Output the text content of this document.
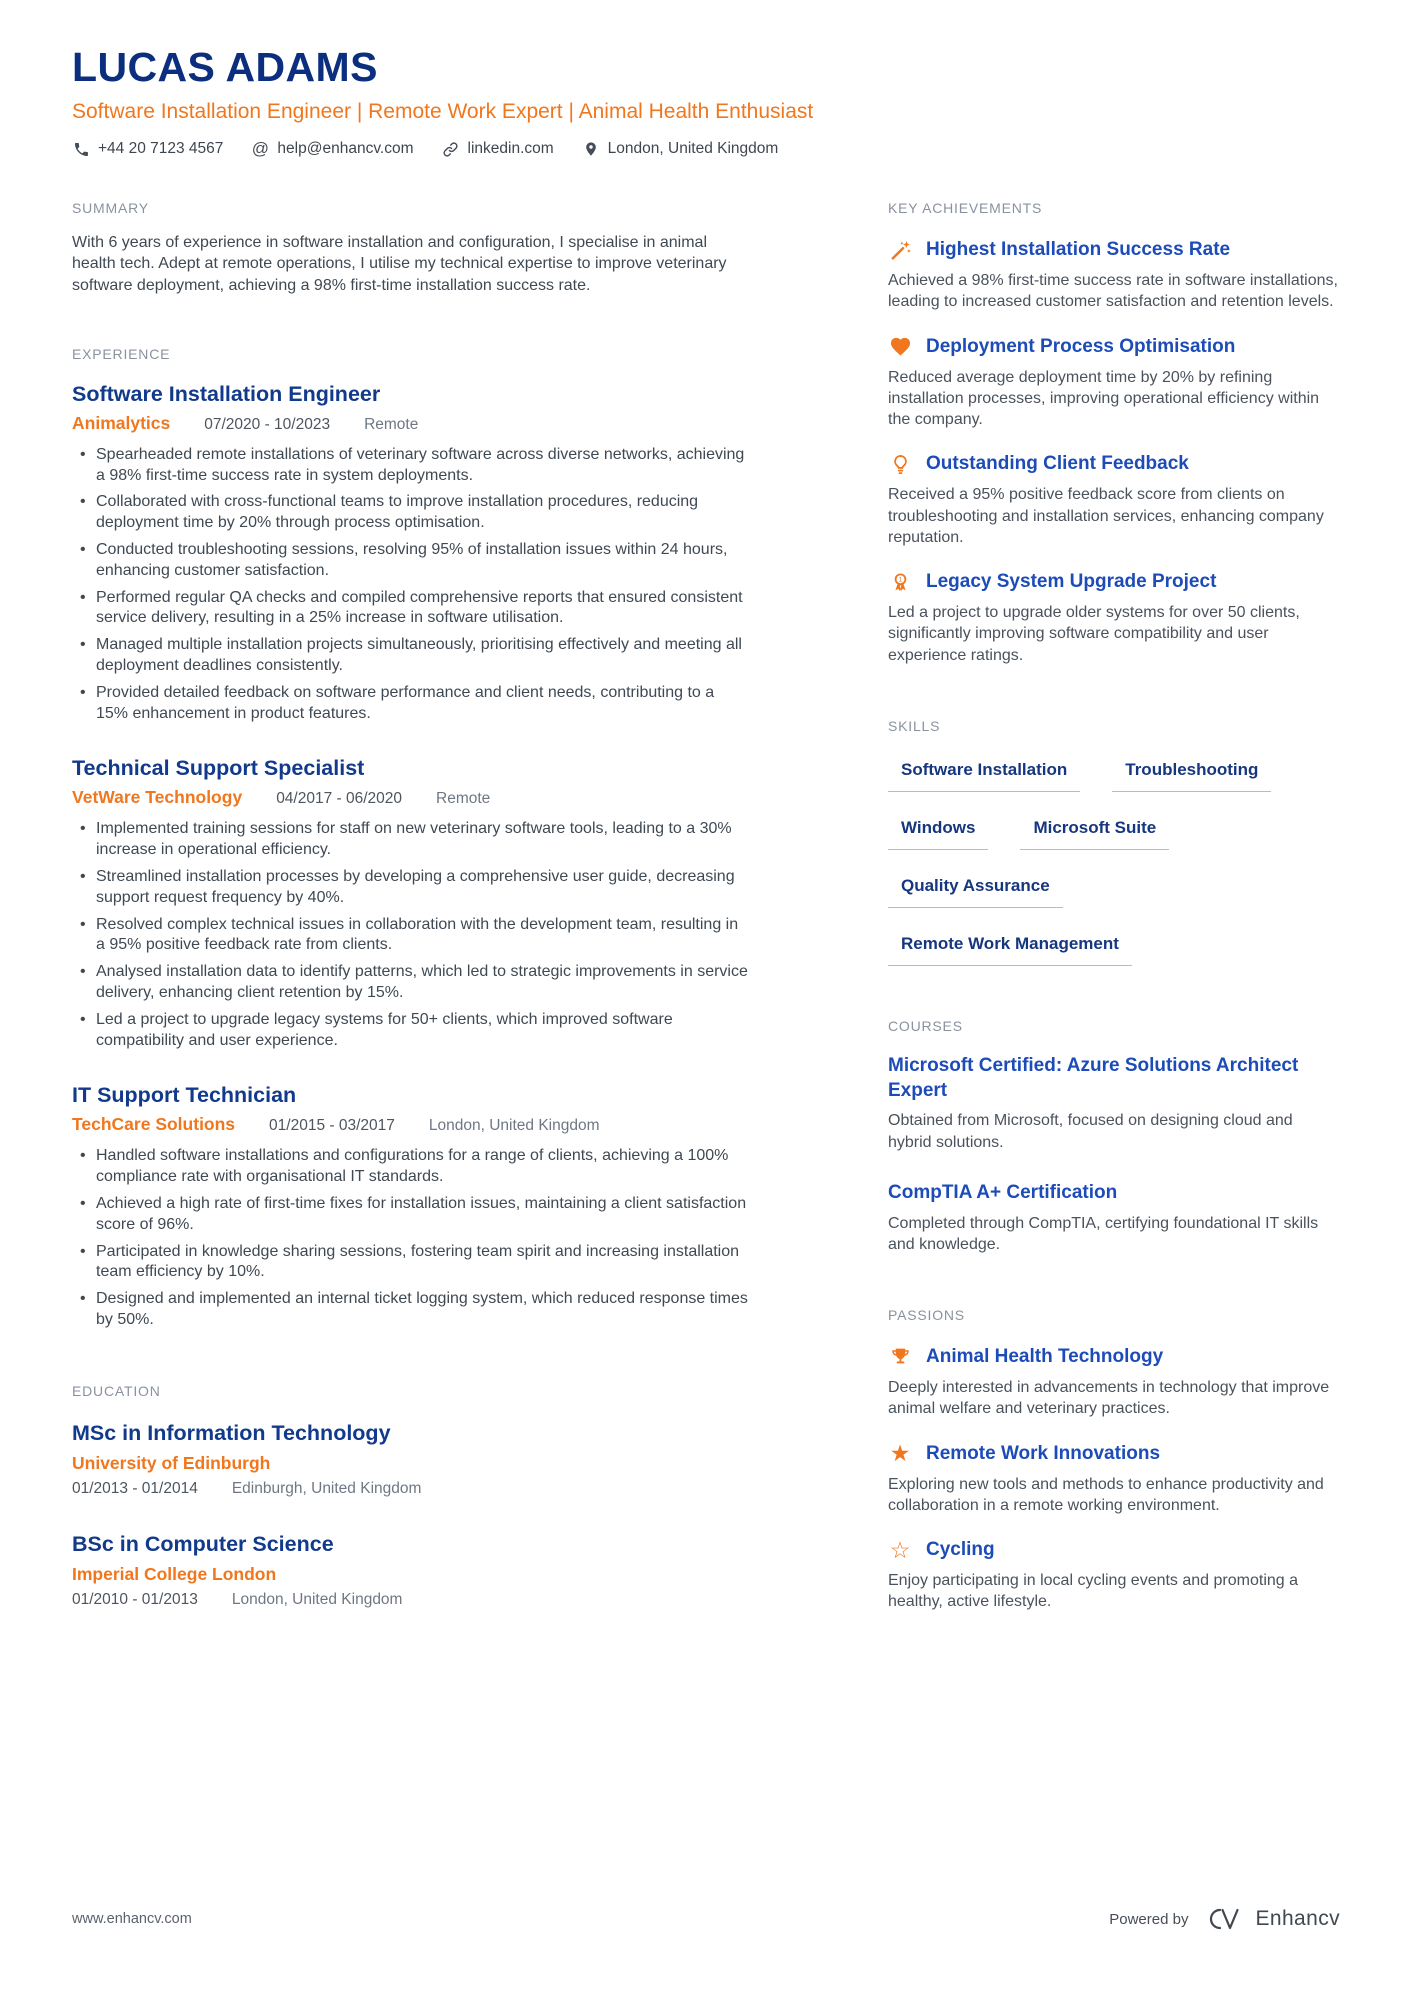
LUCAS ADAMS
Software Installation Engineer | Remote Work Expert | Animal Health Enthusiast
+44 20 7123 4567 @ help@enhancv.com	linkedin.com	London, United Kingdom
SUMMARY
With 6 years of experience in software installation and configuration, I specialise in animal health tech. Adept at remote operations, I utilise my technical expertise to improve veterinary software deployment, achieving a 98% first-time installation success rate.
EXPERIENCE
Software Installation Engineer
Animalytics 07/2020 - 10/2023 Remote
• Spearheaded remote installations of veterinary software across diverse networks, achieving a 98% first-time success rate in system deployments.
• Collaborated with cross-functional teams to improve installation procedures, reducing deployment time by 20% through process optimisation.
• Conducted troubleshooting sessions, resolving 95% of installation issues within 24 hours, enhancing customer satisfaction.
• Performed regular QA checks and compiled comprehensive reports that ensured consistent service delivery, resulting in a 25% increase in software utilisation.
• Managed multiple installation projects simultaneously, prioritising effectively and meeting all deployment deadlines consistently.
• Provided detailed feedback on software performance and client needs, contributing to a 15% enhancement in product features.
Technical Support Specialist
VetWare Technology 04/2017 - 06/2020 Remote
• Implemented training sessions for staff on new veterinary software tools, leading to a 30% increase in operational efficiency.
• Streamlined installation processes by developing a comprehensive user guide, decreasing support request frequency by 40%.
• Resolved complex technical issues in collaboration with the development team, resulting in a 95% positive feedback rate from clients.
• Analysed installation data to identify patterns, which led to strategic improvements in service delivery, enhancing client retention by 15%.
• Led a project to upgrade legacy systems for 50+ clients, which improved software compatibility and user experience.
IT Support Technician
TechCare Solutions 01/2015 - 03/2017 London, United Kingdom
• Handled software installations and configurations for a range of clients, achieving a 100% compliance rate with organisational IT standards.
• Achieved a high rate of first-time fixes for installation issues, maintaining a client satisfaction score of 96%.
• Participated in knowledge sharing sessions, fostering team spirit and increasing installation team efficiency by 10%.
• Designed and implemented an internal ticket logging system, which reduced response times by 50%.
EDUCATION
MSc in Information Technology
University of Edinburgh
01/2013 - 01/2014 Edinburgh, United Kingdom
BSc in Computer Science
Imperial College London
01/2010 - 01/2013 London, United Kingdom
KEY ACHIEVEMENTS
Highest Installation Success Rate
Achieved a 98% first-time success rate in software installations, leading to increased customer satisfaction and retention levels.
Deployment Process Optimisation
Reduced average deployment time by 20% by refining installation processes, improving operational efficiency within the company.
Outstanding Client Feedback
Received a 95% positive feedback score from clients on troubleshooting and installation services, enhancing company reputation.
1 Legacy System Upgrade Project
Led a project to upgrade older systems for over 50 clients, significantly improving software compatibility and user experience ratings.
SKILLS
Software Installation	Troubleshooting
Windows	Microsoft Suite
Quality Assurance
Remote Work Management
COURSES
Microsoft Certified: Azure Solutions Architect Expert
Obtained from Microsoft, focused on designing cloud and hybrid solutions.
CompTIA A+ Certification
Completed through CompTIA, certifying foundational IT skills and knowledge.
PASSIONS
Animal Health Technology
Deeply interested in advancements in technology that improve animal welfare and veterinary practices.
★ Remote Work Innovations
Exploring new tools and methods to enhance productivity and collaboration in a remote working environment.
☆ Cycling
Enjoy participating in local cycling events and promoting a healthy, active lifestyle.
www.enhancv.com	Powered by	Enhancv
